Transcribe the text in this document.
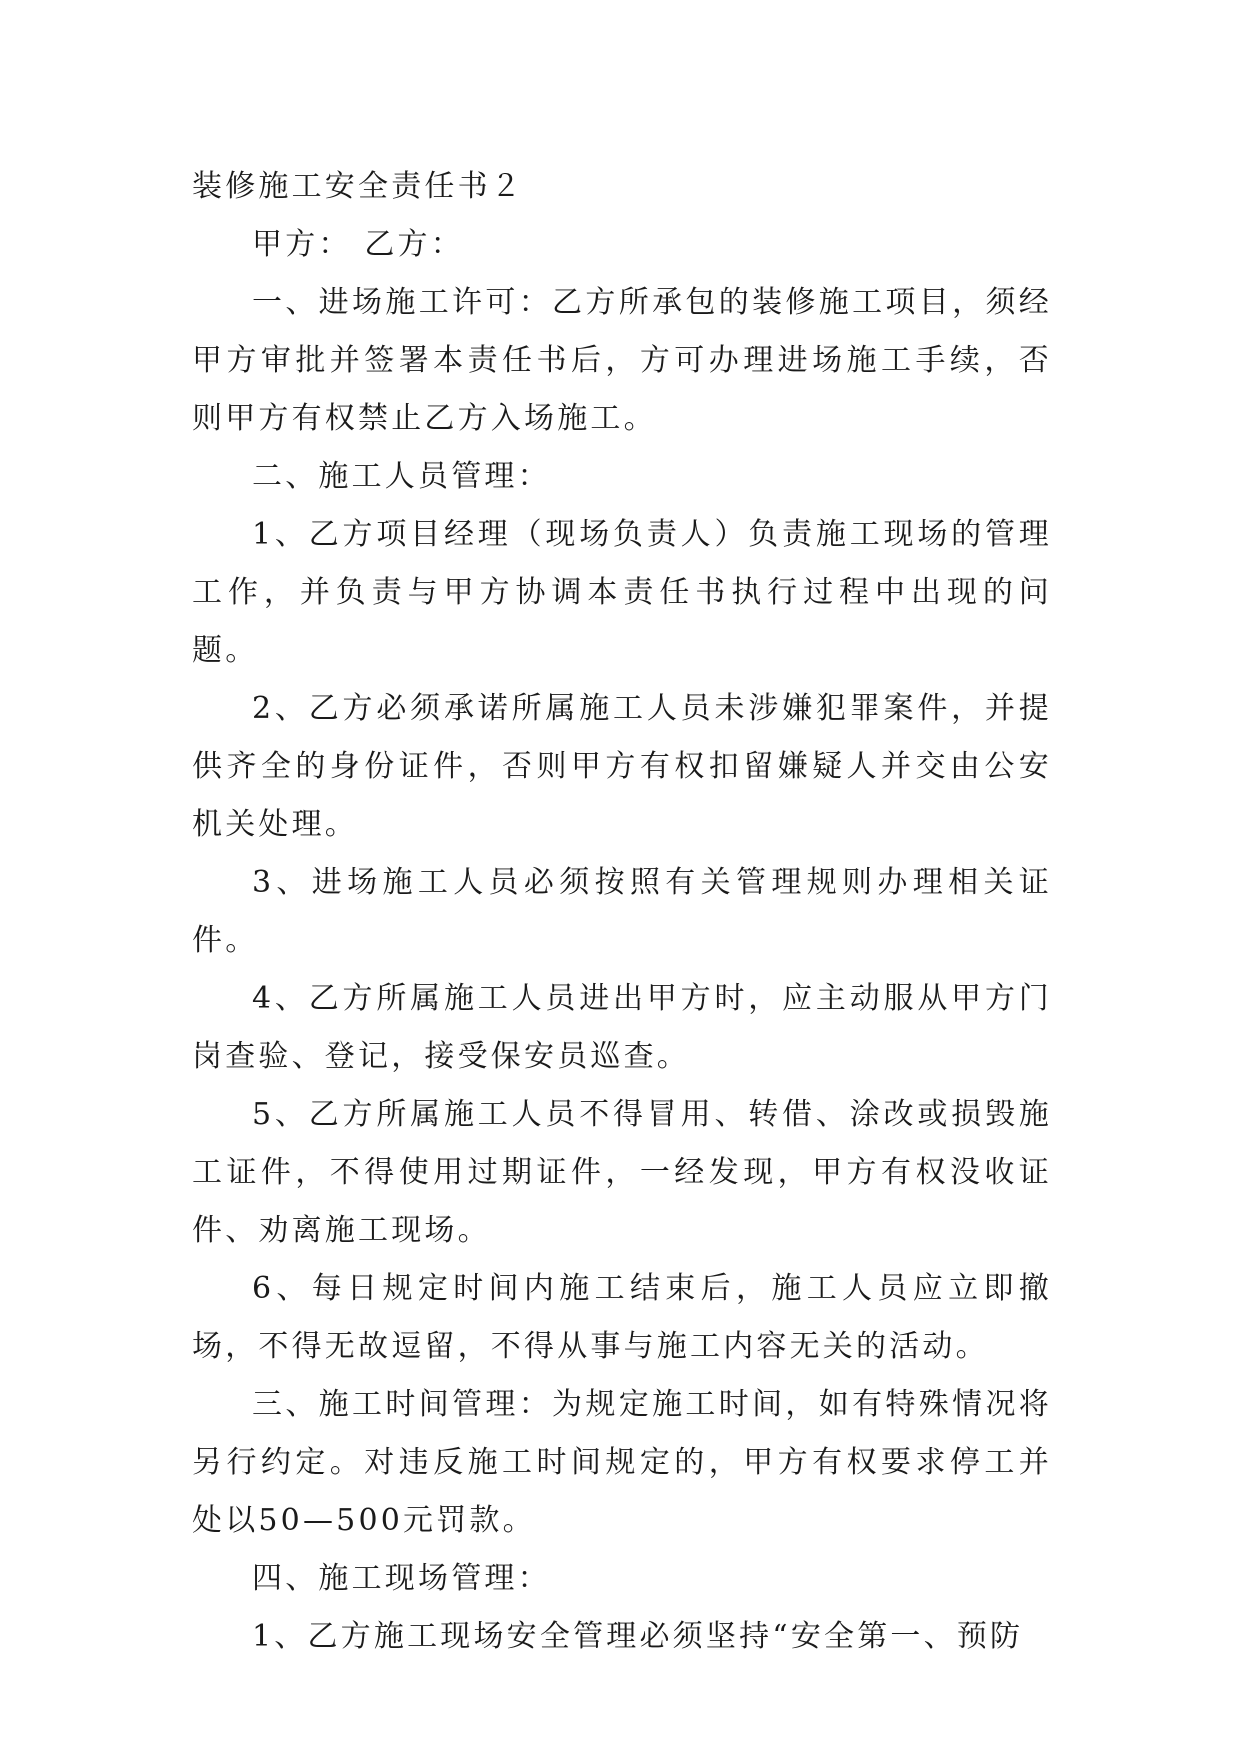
装修施工安全责任书２

甲方： 乙方：

一、进场施工许可：乙方所承包的装修施工项目，须经甲方审批并签署本责任书后，方可办理进场施工手续，否则甲方有权禁止乙方入场施工。

二、施工人员管理：

1、乙方项目经理（现场负责人）负责施工现场的管理工作，并负责与甲方协调本责任书执行过程中出现的问题。

2、乙方必须承诺所属施工人员未涉嫌犯罪案件，并提供齐全的身份证件，否则甲方有权扣留嫌疑人并交由公安机关处理。

3、进场施工人员必须按照有关管理规则办理相关证件。

4、乙方所属施工人员进出甲方时，应主动服从甲方门岗查验、登记，接受保安员巡查。

5、乙方所属施工人员不得冒用、转借、涂改或损毁施工证件，不得使用过期证件，一经发现，甲方有权没收证件、劝离施工现场。

6、每日规定时间内施工结束后，施工人员应立即撤场，不得无故逗留，不得从事与施工内容无关的活动。

三、施工时间管理：为规定施工时间，如有特殊情况将另行约定。对违反施工时间规定的，甲方有权要求停工并处以50—500元罚款。

四、施工现场管理：

1、乙方施工现场安全管理必须坚持“安全第一、预防
